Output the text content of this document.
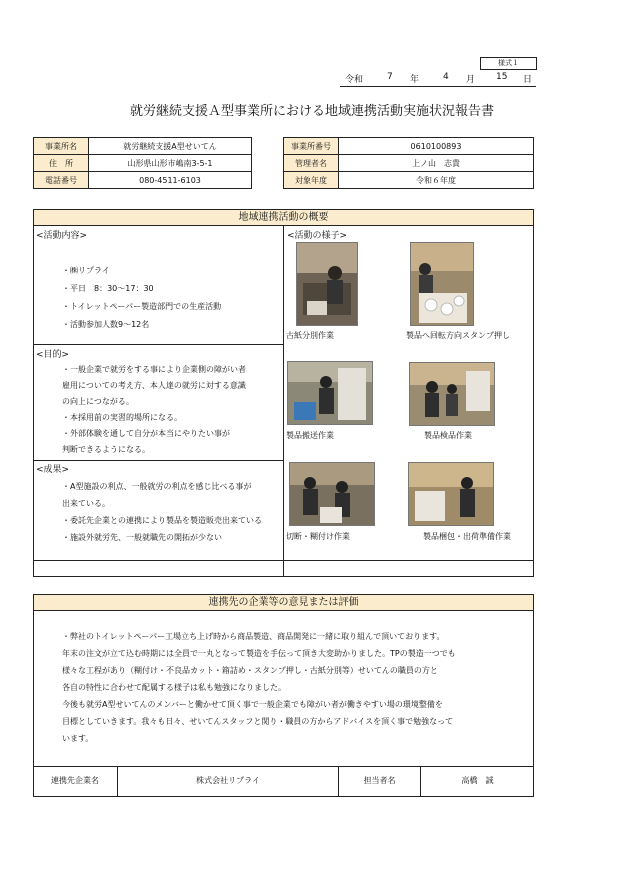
様式１
令和	7 年	4 月 15 日
就労継続支援Ａ型事業所における地域連携活動実施状況報告書
事業所名	就労継続支援A型せいてん
住　所	山形県山形市嶋南3-5-1
電話番号	080-4511-6103
事業所番号	0610100893
管理者名	上ノ山　志貴
対象年度	令和６年度
地域連携活動の概要
<活動内容>
・㈱リプライ
・平日　8：30～17：30
・トイレットペーパー製造部門での生産活動
・活動参加人数9～12名
<目的>
・一般企業で就労をする事により企業側の障がい者
雇用についての考え方、本人達の就労に対する意識
の向上につながる。
・本採用前の実習的場所になる。
・外部体験を通して自分が本当にやりたい事が
判断できるようになる。
<成果>
・A型施設の利点、一般就労の利点を感じ比べる事が
出来ている。
・委託先企業との連携により製品を製造販売出来ている
・施設外就労先、一般就職先の開拓が少ない
<活動の様子>
古紙分別作業	製品へ回転方向スタンプ押し
製品搬送作業	製品検品作業
切断・糊付け作業	製品梱包・出荷準備作業
連携先の企業等の意見または評価

・弊社のトイレットペーパー工場立ち上げ時から商品製造、商品開発に一緒に取り組んで頂いております。

年末の注文が立て込む時期には全員で一丸となって製造を手伝って頂き大変助かりました。TPの製造一つでも

様々な工程があり（糊付け・不良品カット・箱詰め・スタンプ押し・古紙分別等）せいてんの職員の方と

各自の特性に合わせて配属する様子は私も勉強になりました。

今後も就労A型せいてんのメンバーと働かせて頂く事で一般企業でも障がい者が働きやすい場の環境整備を

目標としていきます。我々も日々、せいてんスタッフと関り・職員の方からアドバイスを頂く事で勉強なって

います。

連携先企業名	株式会社リプライ	担当者名	高橋　誠
